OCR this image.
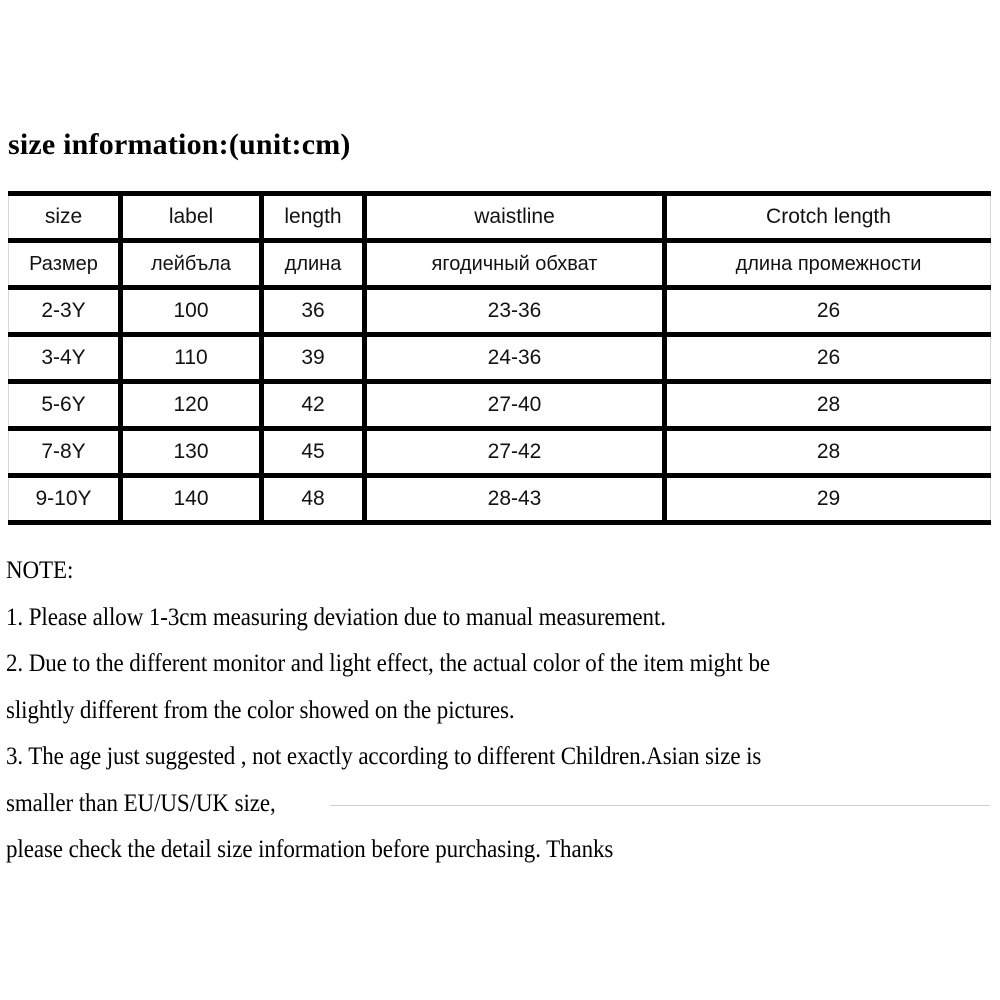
size information:(unit:cm)
size	label	length	waistline	Crotch length
Размер	лейбъла	длина	ягодичный обхват	длина промежности
2-3Y	100	36	23-36	26
3-4Y	110	39	24-36	26
5-6Y	120	42	27-40	28
7-8Y	130	45	27-42	28
9-10Y	140	48	28-43	29
NOTE:
1. Please allow 1-3cm measuring deviation due to manual measurement.
2. Due to the different monitor and light effect, the actual color of the item might be
slightly different from the color showed on the pictures.
3. The age just suggested , not exactly according to different Children.Asian size is
smaller than EU/US/UK size,
please check the detail size information before purchasing. Thanks
